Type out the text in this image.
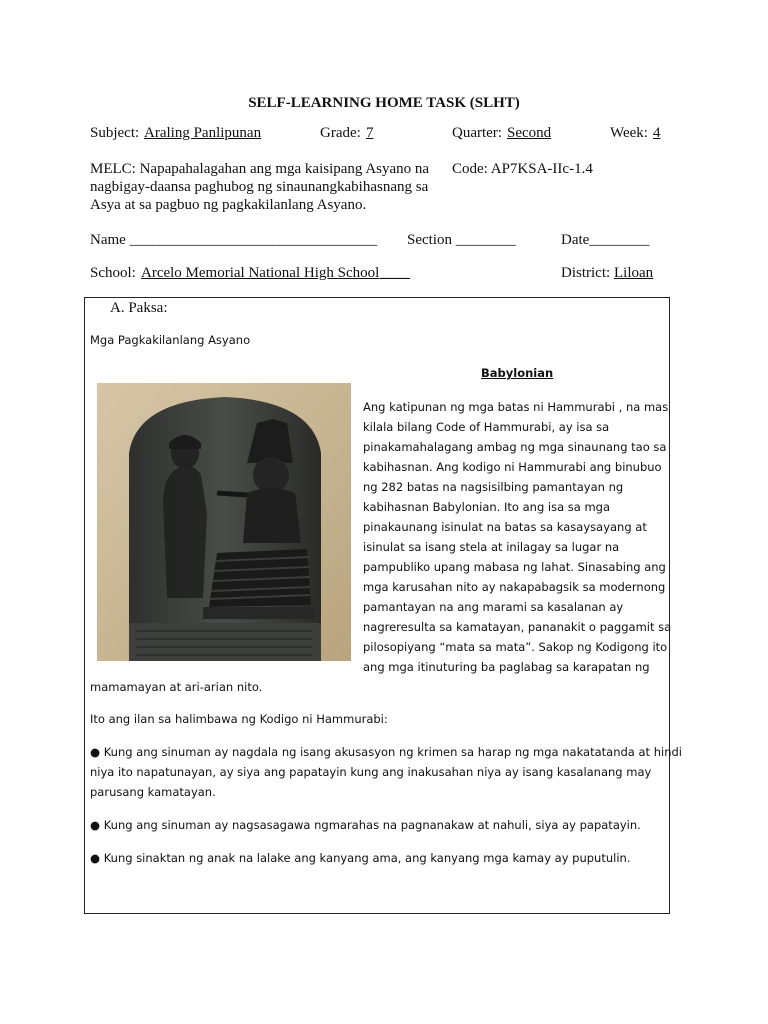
SELF-LEARNING HOME TASK (SLHT)
Subject: Araling Panlipunan	Grade: 7	Quarter: Second	Week: 4
MELC: Napapahalagahan ang mga kaisipang Asyano na
nagbigay-daansa paghubog ng sinaunangkabihasnang sa
Asya at sa pagbuo ng pagkakilanlang Asyano.
Code: AP7KSA-IIc-1.4
Name _________________________________ Section ________	Date________
School: Arcelo Memorial National High School ____	District: Liloan
A. Paksa:
Mga Pagkakilanlang Asyano
Babylonian
Ang katipunan ng mga batas ni Hammurabi , na mas
kilala bilang Code of Hammurabi, ay isa sa
pinakamahalagang ambag ng mga sinaunang tao sa
kabihasnan. Ang kodigo ni Hammurabi ang binubuo
ng 282 batas na nagsisilbing pamantayan ng
kabihasnan Babylonian. Ito ang isa sa mga
pinakaunang isinulat na batas sa kasaysayang at
isinulat sa isang stela at inilagay sa lugar na
pampubliko upang mabasa ng lahat. Sinasabing ang
mga karusahan nito ay nakapabagsik sa modernong
pamantayan na ang marami sa kasalanan ay
nagreresulta sa kamatayan, pananakit o paggamit sa
pilosopiyang “mata sa mata”. Sakop ng Kodigong ito
ang mga itinuturing ba paglabag sa karapatan ng
mamamayan at ari-arian nito.
Ito ang ilan sa halimbawa ng Kodigo ni Hammurabi:
● Kung ang sinuman ay nagdala ng isang akusasyon ng krimen sa harap ng mga nakatatanda at hindi
niya ito napatunayan, ay siya ang papatayin kung ang inakusahan niya ay isang kasalanang may
parusang kamatayan.
● Kung ang sinuman ay nagsasagawa ngmarahas na pagnanakaw at nahuli, siya ay papatayin.
● Kung sinaktan ng anak na lalake ang kanyang ama, ang kanyang mga kamay ay puputulin.
